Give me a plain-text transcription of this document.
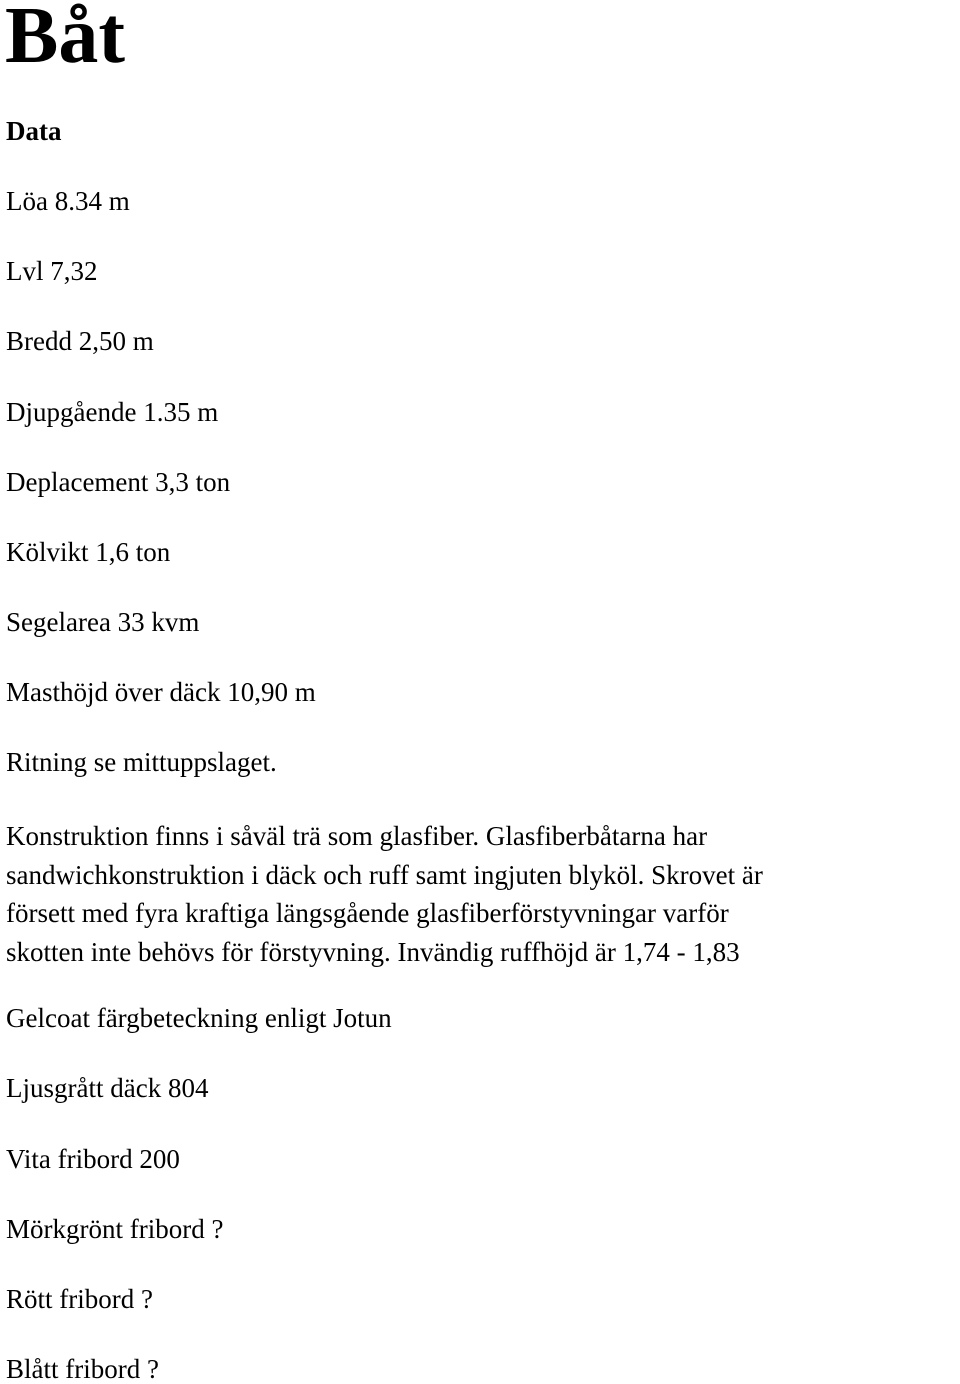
Båt
Data

Löa 8.34 m

Lvl 7,32

Bredd 2,50 m

Djupgående 1.35 m

Deplacement 3,3 ton

Kölvikt 1,6 ton

Segelarea 33 kvm

Masthöjd över däck 10,90 m

Ritning se mittuppslaget.

Konstruktion finns i såväl trä som glasfiber. Glasfiberbåtarna har
sandwichkonstruktion i däck och ruff samt ingjuten blyköl. Skrovet är
försett med fyra kraftiga längsgående glasfiberförstyvningar varför
skotten inte behövs för förstyvning. Invändig ruffhöjd är 1,74 - 1,83

Gelcoat färgbeteckning enligt Jotun

Ljusgrått däck 804

Vita fribord 200

Mörkgrönt fribord ?

Rött fribord ?

Blått fribord ?
